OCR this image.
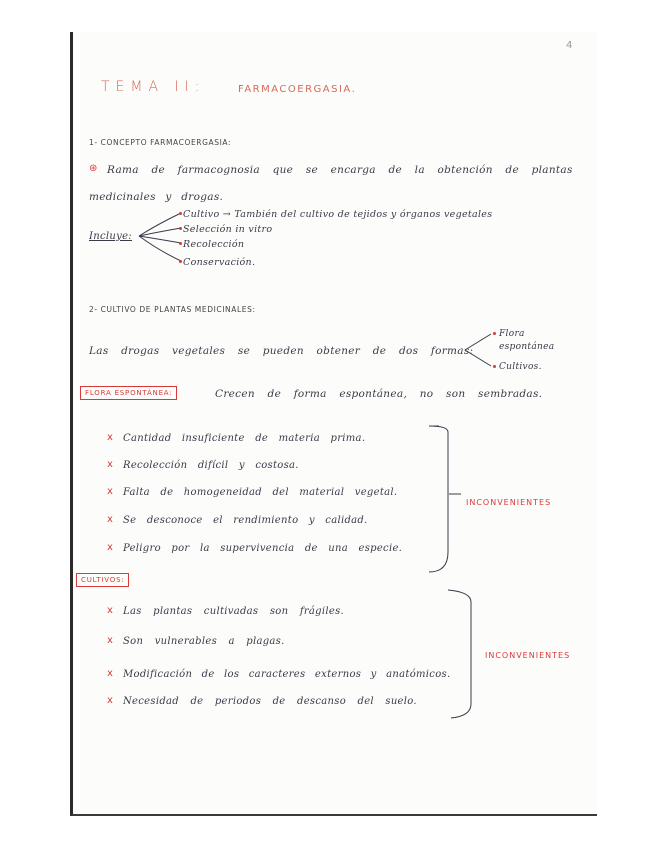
4
TEMA II:	FARMACOERGASIA.
1- CONCEPTO FARMACOERGASIA:
⊛ Rama de farmacognosia que se encarga de la obtención de plantas
medicinales y drogas.
Incluye:
Cultivo → También del cultivo de tejidos y órganos vegetales
Selección in vitro
Recolección
Conservación.
2- CULTIVO DE PLANTAS MEDICINALES:
Las drogas vegetales se pueden obtener de dos formas:
Flora espontánea
Cultivos.
FLORA ESPONTÁNEA:	Crecen de forma espontánea, no son sembradas.
x Cantidad insuficiente de materia prima.
x Recolección difícil y costosa.
x Falta de homogeneidad del material vegetal.
x Se desconoce el rendimiento y calidad.
x Peligro por la supervivencia de una especie.
INCONVENIENTES
CULTIVOS:
x Las plantas cultivadas son frágiles.
x Son vulnerables a plagas.
x Modificación de los caracteres externos y anatómicos.
x Necesidad de periodos de descanso del suelo.
INCONVENIENTES
